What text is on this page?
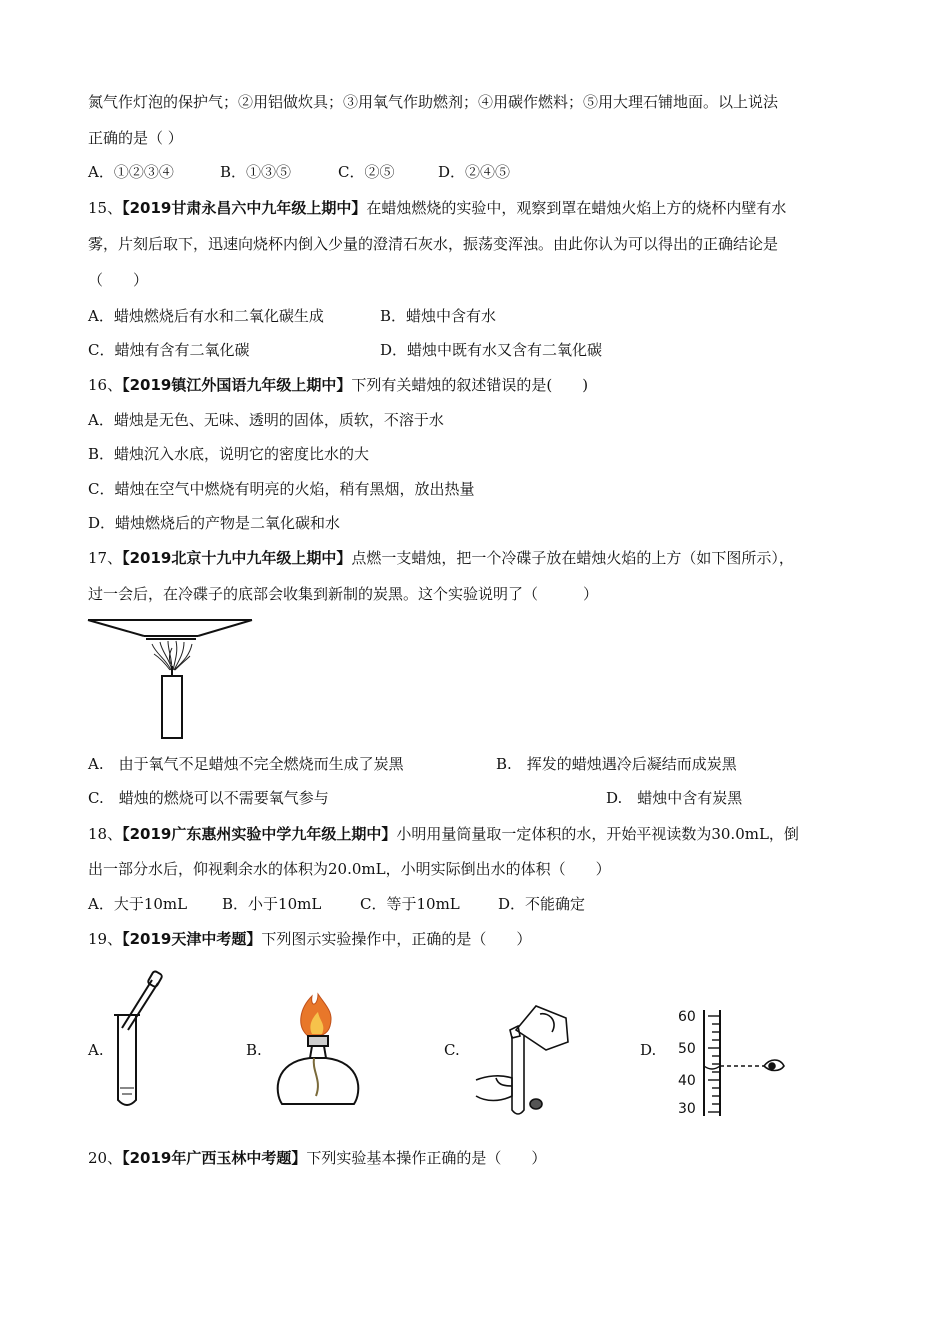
氮气作灯泡的保护气；②用铝做炊具；③用氧气作助燃剂；④用碳作燃料；⑤用大理石铺地面。以上说法
正确的是（ ）
A．①②③④	B．①③⑤	C．②⑤	D．②④⑤
15、【2019甘肃永昌六中九年级上期中】在蜡烛燃烧的实验中，观察到罩在蜡烛火焰上方的烧杯内壁有水
雾，片刻后取下，迅速向烧杯内倒入少量的澄清石灰水，振荡变浑浊。由此你认为可以得出的正确结论是
（　　）
A．蜡烛燃烧后有水和二氧化碳生成	B．蜡烛中含有水
C．蜡烛有含有二氧化碳	D．蜡烛中既有水又含有二氧化碳
16、【2019镇江外国语九年级上期中】下列有关蜡烛的叙述错误的是(　　)
A．蜡烛是无色、无味、透明的固体，质软，不溶于水
B．蜡烛沉入水底，说明它的密度比水的大
C．蜡烛在空气中燃烧有明亮的火焰，稍有黑烟，放出热量
D．蜡烛燃烧后的产物是二氧化碳和水
17、【2019北京十九中九年级上期中】点燃一支蜡烛，把一个冷碟子放在蜡烛火焰的上方（如下图所示），
过一会后，在冷碟子的底部会收集到新制的炭黑。这个实验说明了（　　　）
A.　由于氧气不足蜡烛不完全燃烧而生成了炭黑	B.　挥发的蜡烛遇冷后凝结而成炭黑
C.　蜡烛的燃烧可以不需要氧气参与	D.　蜡烛中含有炭黑
18、【2019广东惠州实验中学九年级上期中】小明用量筒量取一定体积的水，开始平视读数为30.0mL，倒
出一部分水后，仰视剩余水的体积为20.0mL，小明实际倒出水的体积（　　）
A．大于10mL B．小于10mL	C．等于10mL	D．不能确定
19、【2019天津中考题】下列图示实验操作中，正确的是（　　）
A.	B.	C.	D.
60
50
40
30
20、【2019年广西玉林中考题】下列实验基本操作正确的是（　　）
